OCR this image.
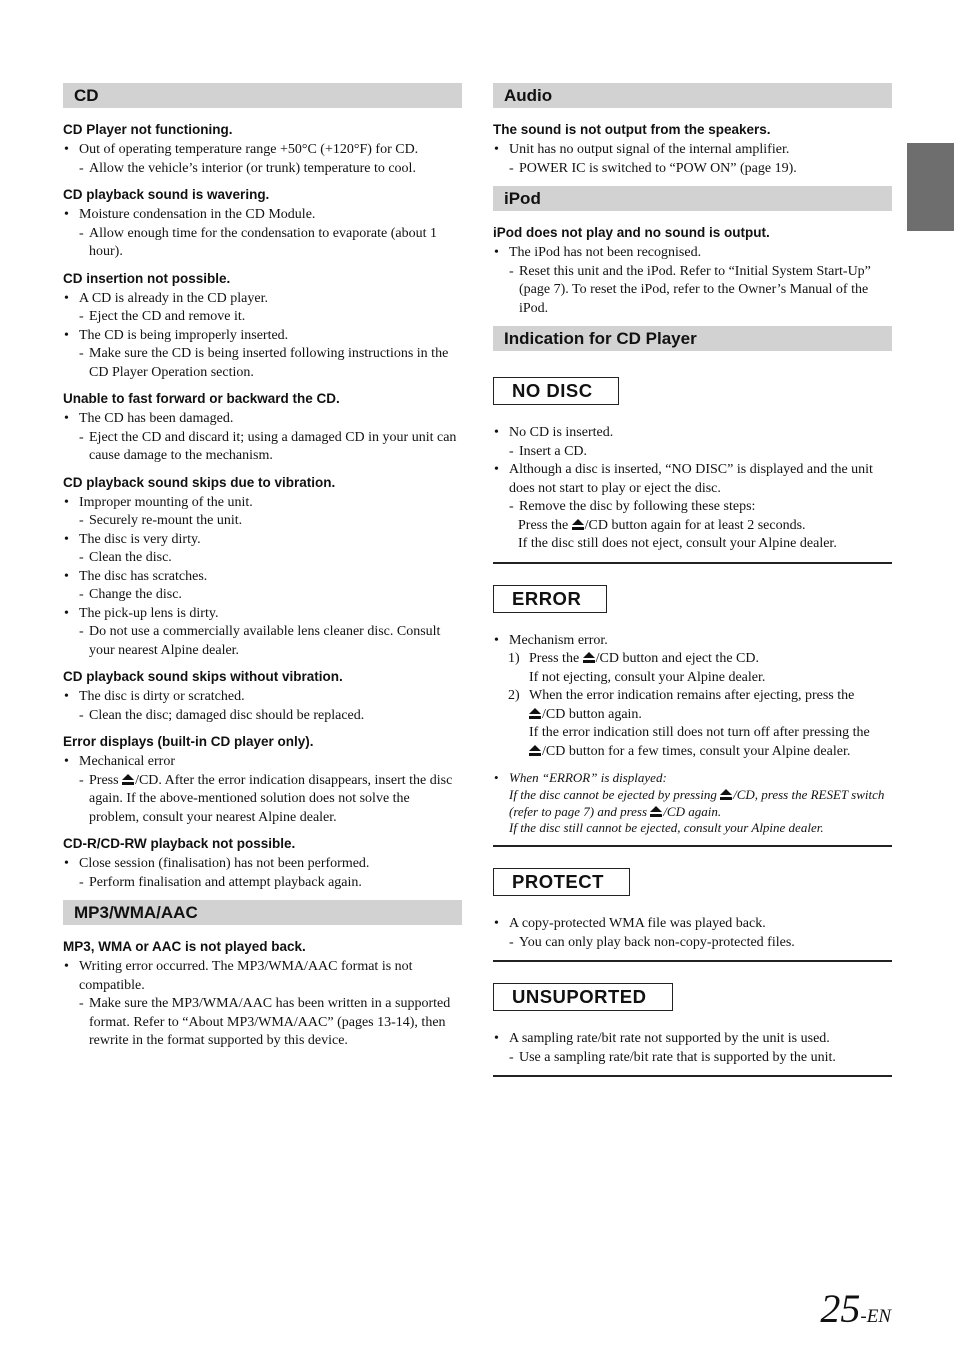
CD
CD Player not functioning.
• Out of operating temperature range +50°C (+120°F) for CD.
- Allow the vehicle’s interior (or trunk) temperature to cool.
CD playback sound is wavering.
• Moisture condensation in the CD Module.
- Allow enough time for the condensation to evaporate (about 1 hour).
CD insertion not possible.
• A CD is already in the CD player.
- Eject the CD and remove it.
• The CD is being improperly inserted.
- Make sure the CD is being inserted following instructions in the CD Player Operation section.
Unable to fast forward or backward the CD.
• The CD has been damaged.
- Eject the CD and discard it; using a damaged CD in your unit can cause damage to the mechanism.
CD playback sound skips due to vibration.
• Improper mounting of the unit.
- Securely re-mount the unit.
• The disc is very dirty.
- Clean the disc.
• The disc has scratches.
- Change the disc.
• The pick-up lens is dirty.
- Do not use a commercially available lens cleaner disc. Consult your nearest Alpine dealer.
CD playback sound skips without vibration.
• The disc is dirty or scratched.
- Clean the disc; damaged disc should be replaced.
Error displays (built-in CD player only).
• Mechanical error
- Press /CD. After the error indication disappears, insert the disc again. If the above-mentioned solution does not solve the problem, consult your nearest Alpine dealer.
CD-R/CD-RW playback not possible.
• Close session (finalisation) has not been performed.
- Perform finalisation and attempt playback again.
MP3/WMA/AAC
MP3, WMA or AAC is not played back.
• Writing error occurred. The MP3/WMA/AAC format is not compatible.
- Make sure the MP3/WMA/AAC has been written in a supported format. Refer to “About MP3/WMA/AAC” (pages 13-14), then rewrite in the format supported by this device.
Audio
The sound is not output from the speakers.
• Unit has no output signal of the internal amplifier.
- POWER IC is switched to “POW ON” (page 19).
iPod
iPod does not play and no sound is output.
• The iPod has not been recognised.
- Reset this unit and the iPod. Refer to “Initial System Start-Up” (page 7). To reset the iPod, refer to the Owner’s Manual of the iPod.
Indication for CD Player
NO DISC
• No CD is inserted.
- Insert a CD.
• Although a disc is inserted, “NO DISC” is displayed and the unit does not start to play or eject the disc.
- Remove the disc by following these steps:
Press the /CD button again for at least 2 seconds.
If the disc still does not eject, consult your Alpine dealer.
ERROR
• Mechanism error.
1) Press the /CD button and eject the CD.
If not ejecting, consult your Alpine dealer.
2) When the error indication remains after ejecting, press the
/CD button again.
If the error indication still does not turn off after pressing the
/CD button for a few times, consult your Alpine dealer.
• When “ERROR” is displayed:
If the disc cannot be ejected by pressing /CD, press the RESET switch (refer to page 7) and press /CD again.
If the disc still cannot be ejected, consult your Alpine dealer.
PROTECT
• A copy-protected WMA file was played back.
- You can only play back non-copy-protected files.
UNSUPORTED
• A sampling rate/bit rate not supported by the unit is used.
- Use a sampling rate/bit rate that is supported by the unit.
25-EN
